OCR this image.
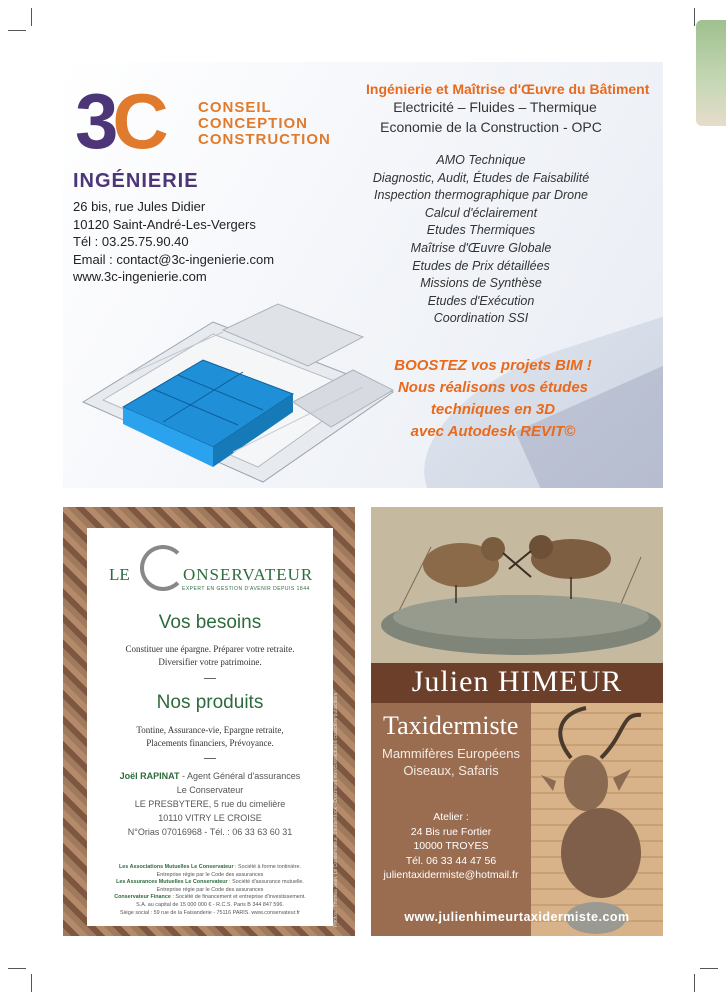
3C CONSEIL
CONCEPTION
CONSTRUCTION
INGÉNIERIE
26 bis, rue Jules Didier
10120 Saint-André-Les-Vergers
Tél : 03.25.75.90.40
Email : contact@3c-ingenierie.com
www.3c-ingenierie.com
Ingénierie et Maîtrise d'Œuvre du Bâtiment
Electricité – Fluides – Thermique
Economie de la Construction - OPC
AMO Technique
Diagnostic, Audit, Études de Faisabilité
Inspection thermographique par Drone
Calcul d'éclairement
Etudes Thermiques
Maîtrise d'Œuvre Globale
Etudes de Prix détaillées
Missions de Synthèse
Etudes d'Exécution
Coordination SSI
BOOSTEZ vos projets BIM !
Nous réalisons vos études
techniques en 3D
avec Autodesk REVIT©
LE	ONSERVATEUR
EXPERT EN GESTION D'AVENIR DEPUIS 1844
Vos besoins
Constituer une épargne. Préparer votre retraite.
Diversifier votre patrimoine.
Nos produits
Tontine, Assurance-vie, Epargne retraite,
Placements financiers, Prévoyance.
Joël RAPINAT - Agent Général d'assurances
Le Conservateur
LE PRESBYTERE, 5 rue du cimelière
10110 VITRY LE CROISE
N°Orias 07016968 - Tél. : 06 33 63 60 31
Les Associations Mutuelles Le Conservateur : Société à forme tontinière.
Entreprise régie par le Code des assurances
Les Assurances Mutuelles Le Conservateur : Société d'assurance mutuelle.
Entreprise régie par le Code des assurances
Conservateur Finance : Société de financement et entreprise d'investissement.
S.A. au capital de 15 000 000 € - R.C.S. Paris B 344 847 596.
Siège social : 59 rue de la Faisanderie - 75116 PARIS. www.conservateur.fr	Photos : Thomas Jean, Le Conservateur, Shutterstock - Document non contractuel à caractère publicitaire
Julien HIMEUR
Taxidermiste
Mammifères Européens
Oiseaux, Safaris
Atelier :
24 Bis rue Fortier
10000 TROYES
Tél. 06 33 44 47 56
julientaxidermiste@hotmail.fr
www.julienhimeurtaxidermiste.com
